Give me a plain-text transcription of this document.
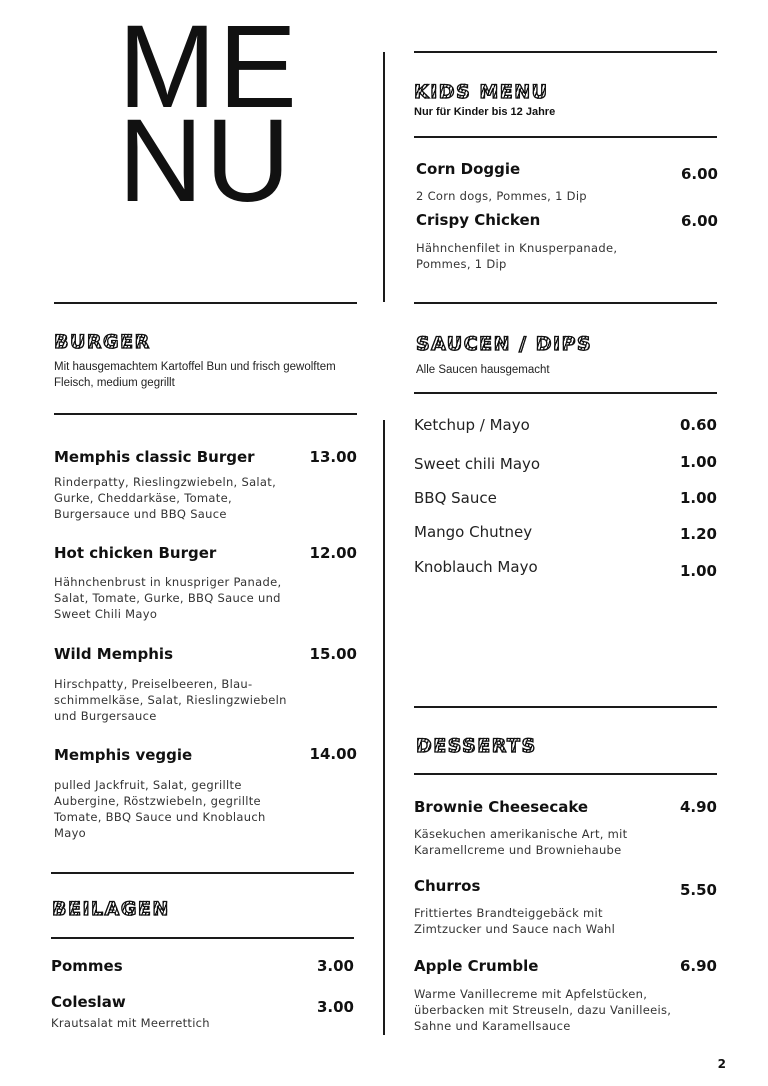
ME
NU
BURGER
Mit hausgemachtem Kartoffel Bun und frisch gewolftem Fleisch, medium gegrillt
Memphis classic Burger	13.00
Rinderpatty, Rieslingzwiebeln, Salat, Gurke, Cheddarkäse, Tomate, Burgersauce und BBQ Sauce
Hot chicken Burger	12.00
Hähnchenbrust in knuspriger Panade, Salat, Tomate, Gurke, BBQ Sauce und Sweet Chili Mayo
Wild Memphis	15.00
Hirschpatty, Preiselbeeren, Blau-schimmelkäse, Salat, Rieslingzwiebeln und Burgersauce
Memphis veggie	14.00
pulled Jackfruit, Salat, gegrillte Aubergine, Röstzwiebeln, gegrillte Tomate, BBQ Sauce und Knoblauch Mayo
BEILAGEN
Pommes	3.00
Coleslaw	3.00
Krautsalat mit Meerrettich
KIDS MENU
Nur für Kinder bis 12 Jahre
Corn Doggie	6.00
2 Corn dogs, Pommes, 1 Dip
Crispy Chicken	6.00
Hähnchenfilet in Knusperpanade, Pommes, 1 Dip
SAUCEN / DIPS
Alle Saucen hausgemacht
Ketchup / Mayo	0.60
Sweet chili Mayo	1.00
BBQ Sauce	1.00
Mango Chutney	1.20
Knoblauch Mayo	1.00
DESSERTS
Brownie Cheesecake	4.90
Käsekuchen amerikanische Art, mit Karamellcreme und Browniehaube
Churros	5.50
Frittiertes Brandteiggebäck mit Zimtzucker und Sauce nach Wahl
Apple Crumble	6.90
Warme Vanillecreme mit Apfelstücken, überbacken mit Streuseln, dazu Vanilleeis, Sahne und Karamellsauce
2
